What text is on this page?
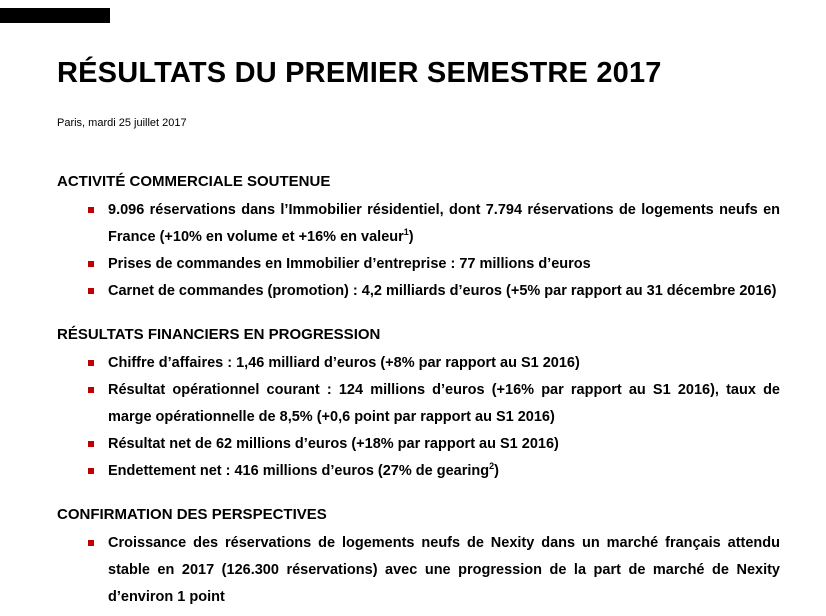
RÉSULTATS DU PREMIER SEMESTRE 2017
Paris, mardi 25 juillet 2017
ACTIVITÉ COMMERCIALE SOUTENUE
9.096 réservations dans l’Immobilier résidentiel, dont 7.794 réservations de logements neufs en France (+10% en volume et +16% en valeur$^1$)
Prises de commandes en Immobilier d’entreprise : 77 millions d’euros
Carnet de commandes (promotion) : 4,2 milliards d’euros (+5% par rapport au 31 décembre 2016)
RÉSULTATS FINANCIERS EN PROGRESSION
Chiffre d’affaires : 1,46 milliard d’euros (+8% par rapport au S1 2016)
Résultat opérationnel courant : 124 millions d’euros (+16% par rapport au S1 2016), taux de marge opérationnelle de 8,5% (+0,6 point par rapport au S1 2016)
Résultat net de 62 millions d’euros (+18% par rapport au S1 2016)
Endettement net : 416 millions d’euros (27% de gearing$^2$)
CONFIRMATION DES PERSPECTIVES
Croissance des réservations de logements neufs de Nexity dans un marché français attendu stable en 2017 (126.300 réservations) avec une progression de la part de marché de Nexity d’environ 1 point
